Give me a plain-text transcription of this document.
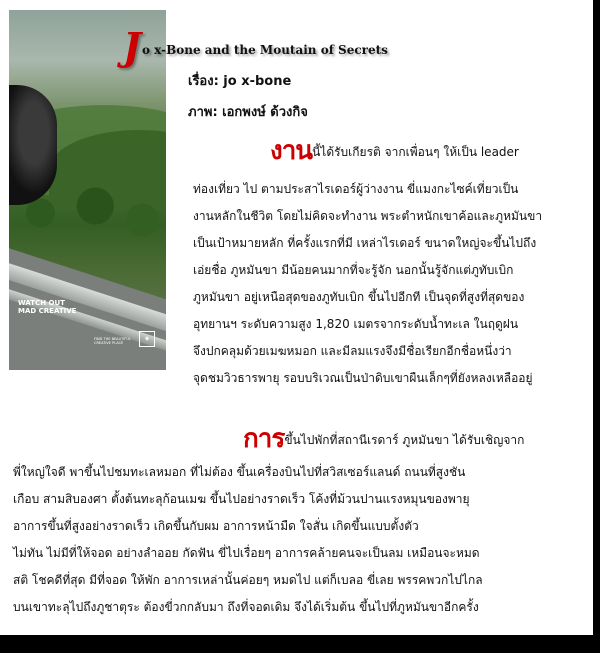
WATCH OUT
MAD CREATIVE
FIND THE BEAUTIFUL CREATIVE PLACE
◈
Jo x-Bone and the Moutain of Secrets
เรื่อง: jo x-bone
ภาพ: เอกพงษ์ ด้วงกิจ
งานนี้ได้รับเกียรติ จากเพื่อนๆ ให้เป็น leader
ท่องเที่ยว ไป ตามประสาไรเดอร์ผู้ว่างงาน ขี่แมงกะไซค์เที่ยวเป็น
งานหลักในชีวิต โดยไม่คิดจะทำงาน พระตำหนักเขาค้อและภูหมันขา
เป็นเป้าหมายหลัก ที่ครั้งแรกที่มี เหล่าไรเดอร์ ขนาดใหญ่จะขึ้นไปถึง
เอ่ยชื่อ ภูหมันขา มีน้อยคนมากที่จะรู้จัก นอกนั้นรู้จักแต่ภูทับเบิก
ภูหมันขา อยู่เหนือสุดของภูทับเบิก ขึ้นไปอีกที เป็นจุดที่สูงที่สุดของ
อุทยานฯ ระดับความสูง 1,820 เมตรจากระดับน้ำทะเล ในฤดูฝน
จึงปกคลุมด้วยเมฆหมอก และมีลมแรงจึงมีชื่อเรียกอีกชื่อหนึ่งว่า
จุดชมวิวธารพายุ รอบบริเวณเป็นป่าดิบเขาผืนเล็กๆที่ยังหลงเหลืออยู่
การขึ้นไปพักที่สถานีเรดาร์ ภูหมันขา ได้รับเชิญจาก
พี่ใหญ่ใจดี พาขึ้นไปชมทะเลหมอก ที่ไม่ต้อง ขึ้นเครื่องบินไปที่สวิสเซอร์แลนด์ ถนนที่สูงชัน
เกือบ สามสิบองศา ตั้งต้นทะลุก้อนเมฆ ขึ้นไปอย่างราดเร็ว โค้งที่ม้วนปานแรงหมุนของพายุ
อาการขึ้นที่สูงอย่างราดเร็ว เกิดขึ้นกับผม อาการหน้ามืด ใจสั่น เกิดขึ้นแบบตั้งตัว
ไม่ทัน ไม่มีที่ให้จอด อย่างลำออย กัดฟัน ขี่ไปเรื่อยๆ อาการคล้ายคนจะเป็นลม เหมือนจะหมด
สติ โชคดีที่สุด มีที่จอด ให้พัก อาการเหล่านั้นค่อยๆ หมดไป แต่ก็เบลอ ขี่เลย พรรคพวกไปไกล
บนเขาทะลุไปถึงภูชาตุระ ต้องขี่วกกลับมา ถึงที่จอดเดิม จึงได้เริ่มต้น ขึ้นไปที่ภูหมันขาอีกครั้ง
